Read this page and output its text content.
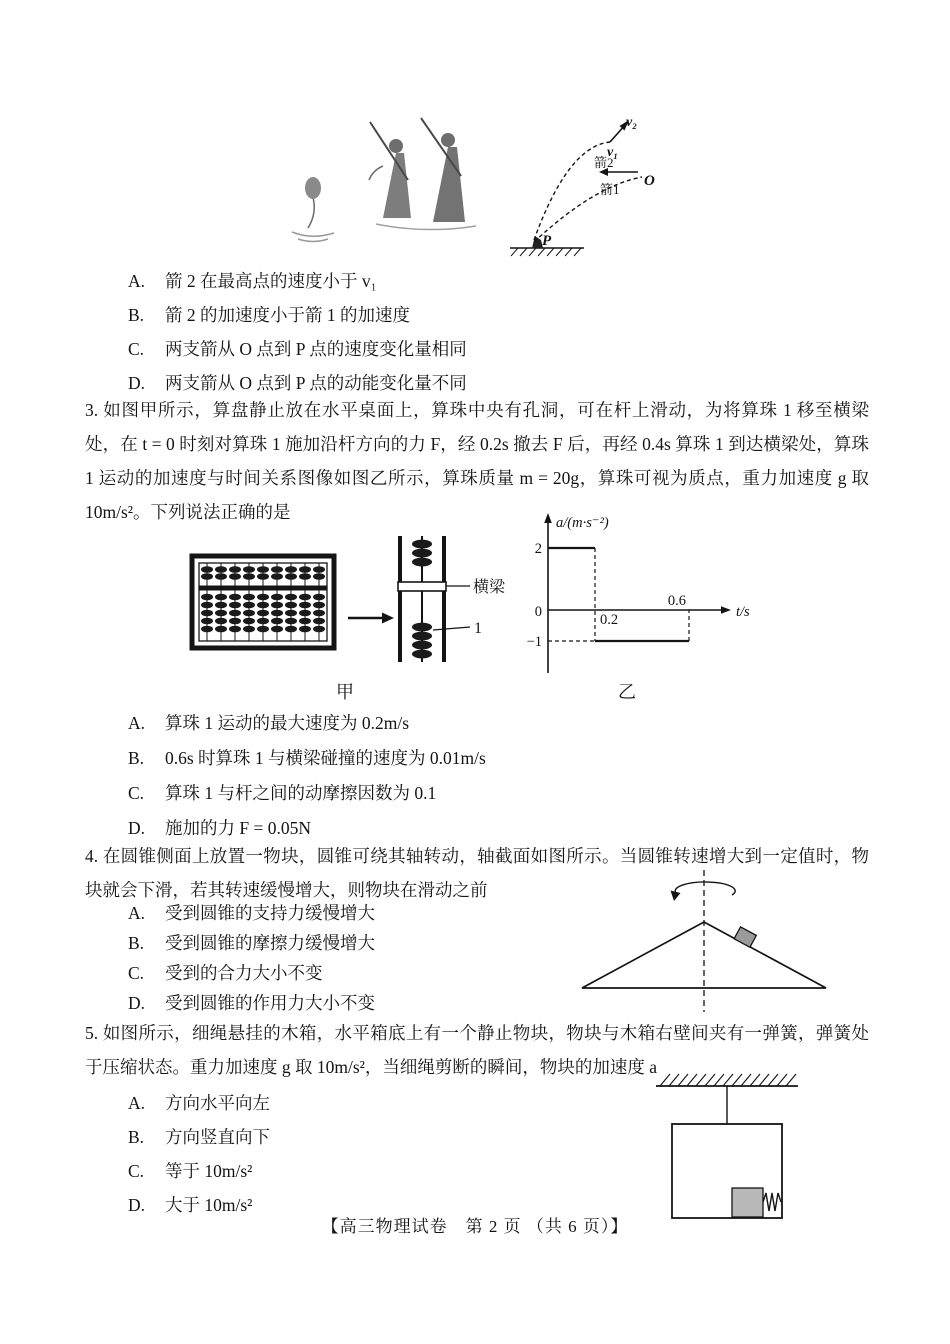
v₂
v₁
箭2
箭1
O
P
A.	箭 2 在最高点的速度小于 v₁
B.	箭 2 的加速度小于箭 1 的加速度
C.	两支箭从 O 点到 P 点的速度变化量相同
D.	两支箭从 O 点到 P 点的动能变化量不同
3. 如图甲所示，算盘静止放在水平桌面上，算珠中央有孔洞，可在杆上滑动，为将算珠 1 移至横梁处，在 t = 0 时刻对算珠 1 施加沿杆方向的力 F，经 0.2s 撤去 F 后，再经 0.4s 算珠 1 到达横梁处，算珠 1 运动的加速度与时间关系图像如图乙所示，算珠质量 m = 20g，算珠可视为质点，重力加速度 g 取 10m/s²。下列说法正确的是
横梁
1
a/(m·s⁻²)
t/s
2
0
−1
0.2
0.6
甲	乙
A.	算珠 1 运动的最大速度为 0.2m/s
B.	0.6s 时算珠 1 与横梁碰撞的速度为 0.01m/s
C.	算珠 1 与杆之间的动摩擦因数为 0.1
D.	施加的力 F = 0.05N
4. 在圆锥侧面上放置一物块，圆锥可绕其轴转动，轴截面如图所示。当圆锥转速增大到一定值时，物块就会下滑，若其转速缓慢增大，则物块在滑动之前
A.	受到圆锥的支持力缓慢增大
B.	受到圆锥的摩擦力缓慢增大
C.	受到的合力大小不变
D.	受到圆锥的作用力大小不变
5. 如图所示，细绳悬挂的木箱，水平箱底上有一个静止物块，物块与木箱右壁间夹有一弹簧，弹簧处于压缩状态。重力加速度 g 取 10m/s²，当细绳剪断的瞬间，物块的加速度 a
A.	方向水平向左
B.	方向竖直向下
C.	等于 10m/s²
D.	大于 10m/s²
【高三物理试卷　第 2 页 （共 6 页）】
